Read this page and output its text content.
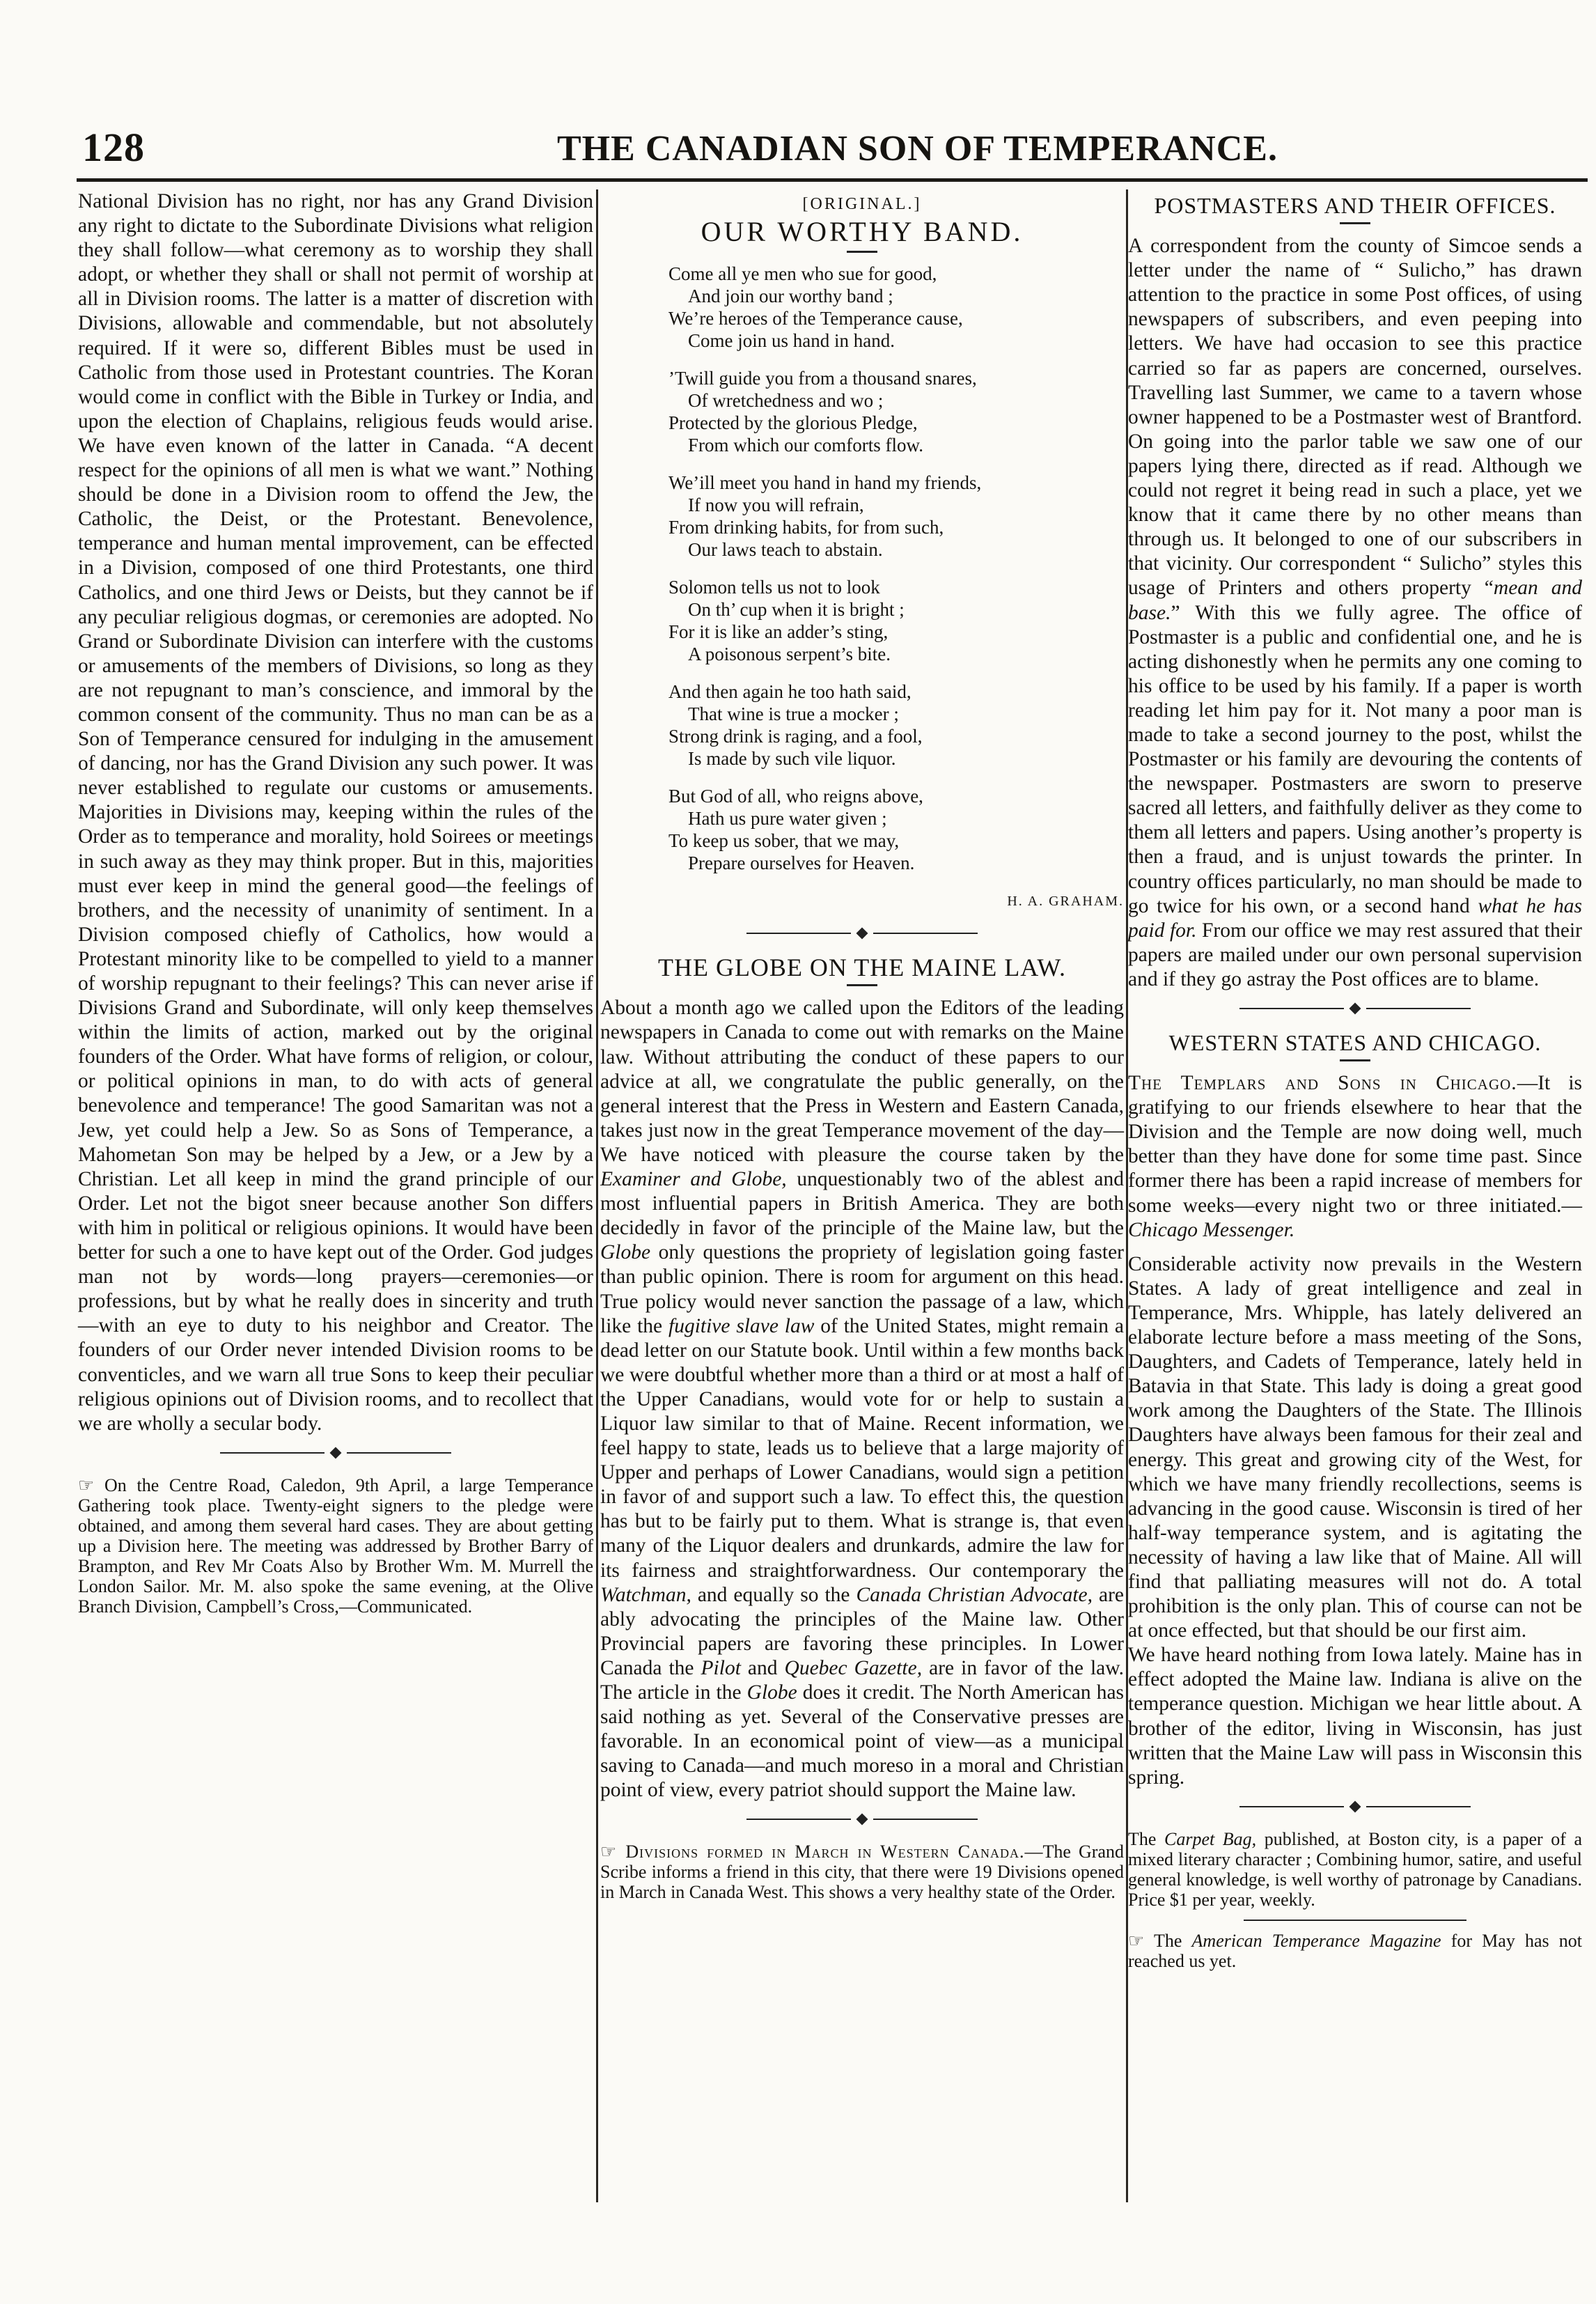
128	THE CANADIAN SON OF TEMPERANCE.

National Division has no right, nor has any Grand Division any right to dictate to the Subordinate Divisions what religion they shall follow—what ceremony as to worship they shall adopt, or whether they shall or shall not permit of worship at all in Division rooms. The latter is a matter of discretion with Divisions, allowable and commendable, but not absolutely required. If it were so, different Bibles must be used in Catholic from those used in Protestant countries. The Koran would come in conflict with the Bible in Turkey or India, and upon the election of Chaplains, religious feuds would arise. We have even known of the latter in Canada. “A decent respect for the opinions of all men is what we want.” Nothing should be done in a Division room to offend the Jew, the Catholic, the Deist, or the Protestant. Benevolence, temperance and human mental improvement, can be effected in a Division, composed of one third Protestants, one third Catholics, and one third Jews or Deists, but they cannot be if any peculiar religious dogmas, or ceremonies are adopted. No Grand or Subordinate Division can interfere with the customs or amusements of the members of Divisions, so long as they are not repugnant to man’s conscience, and immoral by the common consent of the community. Thus no man can be as a Son of Temperance censured for indulging in the amusement of dancing, nor has the Grand Division any such power. It was never established to regulate our customs or amusements. Majorities in Divisions may, keeping within the rules of the Order as to temperance and morality, hold Soirees or meetings in such away as they may think proper. But in this, majorities must ever keep in mind the general good—the feelings of brothers, and the necessity of unanimity of sentiment. In a Division composed chiefly of Catholics, how would a Protestant minority like to be compelled to yield to a manner of worship repugnant to their feelings? This can never arise if Divisions Grand and Subordinate, will only keep themselves within the limits of action, marked out by the original founders of the Order. What have forms of religion, or colour, or political opinions in man, to do with acts of general benevolence and temperance! The good Samaritan was not a Jew, yet could help a Jew. So as Sons of Temperance, a Mahometan Son may be helped by a Jew, or a Jew by a Christian. Let all keep in mind the grand principle of our Order. Let not the bigot sneer because another Son differs with him in political or religious opinions. It would have been better for such a one to have kept out of the Order. God judges man not by words—long prayers—ceremonies—or professions, but by what he really does in sincerity and truth—with an eye to duty to his neighbor and Creator. The founders of our Order never intended Division rooms to be conventicles, and we warn all true Sons to keep their peculiar religious opinions out of Division rooms, and to recollect that we are wholly a secular body.

☞ On the Centre Road, Caledon, 9th April, a large Temperance Gathering took place. Twenty-eight signers to the pledge were obtained, and among them several hard cases. They are about getting up a Division here. The meeting was addressed by Brother Barry of Brampton, and Rev Mr Coats Also by Brother Wm. M. Murrell the London Sailor. Mr. M. also spoke the same evening, at the Olive Branch Division, Campbell’s Cross,—Communicated.

[ORIGINAL.]
OUR WORTHY BAND.
Come all ye men who sue for good,
And join our worthy band ;
We’re heroes of the Temperance cause,
Come join us hand in hand.
’Twill guide you from a thousand snares,
Of wretchedness and wo ;
Protected by the glorious Pledge,
From which our comforts flow.
We’ill meet you hand in hand my friends,
If now you will refrain,
From drinking habits, for from such,
Our laws teach to abstain.
Solomon tells us not to look
On th’ cup when it is bright ;
For it is like an adder’s sting,
A poisonous serpent’s bite.
And then again he too hath said,
That wine is true a mocker ;
Strong drink is raging, and a fool,
Is made by such vile liquor.
But God of all, who reigns above,
Hath us pure water given ;
To keep us sober, that we may,
Prepare ourselves for Heaven.
H. A. GRAHAM.
THE GLOBE ON THE MAINE LAW.

About a month ago we called upon the Editors of the leading newspapers in Canada to come out with remarks on the Maine law. Without attributing the conduct of these papers to our advice at all, we congratulate the public generally, on the general interest that the Press in Western and Eastern Canada, takes just now in the great Temperance movement of the day—We have noticed with pleasure the course taken by the Examiner and Globe, unquestionably two of the ablest and most influential papers in British America. They are both decidedly in favor of the principle of the Maine law, but the Globe only questions the propriety of legislation going faster than public opinion. There is room for argument on this head. True policy would never sanction the passage of a law, which like the fugitive slave law of the United States, might remain a dead letter on our Statute book. Until within a few months back we were doubtful whether more than a third or at most a half of the Upper Canadians, would vote for or help to sustain a Liquor law similar to that of Maine. Recent information, we feel happy to state, leads us to believe that a large majority of Upper and perhaps of Lower Canadians, would sign a petition in favor of and support such a law. To effect this, the question has but to be fairly put to them. What is strange is, that even many of the Liquor dealers and drunkards, admire the law for its fairness and straightforwardness. Our contemporary the Watchman, and equally so the Canada Christian Advocate, are ably advocating the principles of the Maine law. Other Provincial papers are favoring these principles. In Lower Canada the Pilot and Quebec Gazette, are in favor of the law. The article in the Globe does it credit. The North American has said nothing as yet. Several of the Conservative presses are favorable. In an economical point of view—as a municipal saving to Canada—and much moreso in a moral and Christian point of view, every patriot should support the Maine law.

☞ Divisions formed in March in Western Canada.—The Grand Scribe informs a friend in this city, that there were 19 Divisions opened in March in Canada West. This shows a very healthy state of the Order.

POSTMASTERS AND THEIR OFFICES.

A correspondent from the county of Simcoe sends a letter under the name of “ Sulicho,” has drawn attention to the practice in some Post offices, of using newspapers of subscribers, and even peeping into letters. We have had occasion to see this practice carried so far as papers are concerned, ourselves. Travelling last Summer, we came to a tavern whose owner happened to be a Postmaster west of Brantford. On going into the parlor table we saw one of our papers lying there, directed as if read. Although we could not regret it being read in such a place, yet we know that it came there by no other means than through us. It belonged to one of our subscribers in that vicinity. Our correspondent “ Sulicho” styles this usage of Printers and others property “mean and base.” With this we fully agree. The office of Postmaster is a public and confidential one, and he is acting dishonestly when he permits any one coming to his office to be used by his family. If a paper is worth reading let him pay for it. Not many a poor man is made to take a second journey to the post, whilst the Postmaster or his family are devouring the contents of the newspaper. Postmasters are sworn to preserve sacred all letters, and faithfully deliver as they come to them all letters and papers. Using another’s property is then a fraud, and is unjust towards the printer. In country offices particularly, no man should be made to go twice for his own, or a second hand what he has paid for. From our office we may rest assured that their papers are mailed under our own personal supervision and if they go astray the Post offices are to blame.

WESTERN STATES AND CHICAGO.

The Templars and Sons in Chicago.—It is gratifying to our friends elsewhere to hear that the Division and the Temple are now doing well, much better than they have done for some time past. Since former there has been a rapid increase of members for some weeks—every night two or three initiated.—Chicago Messenger.

Considerable activity now prevails in the Western States. A lady of great intelligence and zeal in Temperance, Mrs. Whipple, has lately delivered an elaborate lecture before a mass meeting of the Sons, Daughters, and Cadets of Temperance, lately held in Batavia in that State. This lady is doing a great good work among the Daughters of the State. The Illinois Daughters have always been famous for their zeal and energy. This great and growing city of the West, for which we have many friendly recollections, seems is advancing in the good cause. Wisconsin is tired of her half-way temperance system, and is agitating the necessity of having a law like that of Maine. All will find that palliating measures will not do. A total prohibition is the only plan. This of course can not be at once effected, but that should be our first aim.

We have heard nothing from Iowa lately. Maine has in effect adopted the Maine law. Indiana is alive on the temperance question. Michigan we hear little about. A brother of the editor, living in Wisconsin, has just written that the Maine Law will pass in Wisconsin this spring.

The Carpet Bag, published, at Boston city, is a paper of a mixed literary character ; Combining humor, satire, and useful general knowledge, is well worthy of patronage by Canadians. Price $1 per year, weekly.

☞ The American Temperance Magazine for May has not reached us yet.
